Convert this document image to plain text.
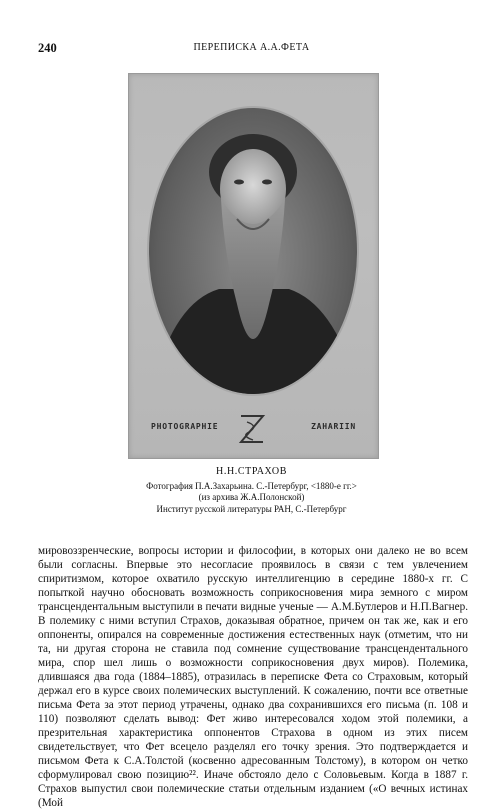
240	ПЕРЕПИСКА А.А.ФЕТА
PHOTOGRAPHIE	ZAHARIIN
Н.Н.СТРАХОВ
Фотография П.А.Захарьина. С.-Петербург, <1880-е гг.>
(из архива Ж.А.Полонской)
Институт русской литературы РАН, С.-Петербург

мировоззренческие, вопросы истории и философии, в которых они далеко не во всем были согласны. Впервые это несогласие проявилось в связи с тем увлечением спиритизмом, которое охватило русскую интеллигенцию в середине 1880-х гг. С попыткой научно обосновать возможность соприкосновения мира земного с миром трансцендентальным выступили в печати видные ученые — А.М.Бутлеров и Н.П.Вагнер. В полемику с ними вступил Страхов, доказывая обратное, причем он так же, как и его оппоненты, опирался на современные достижения естественных наук (отметим, что ни та, ни другая сторона не ставила под сомнение существование трансцендентального мира, спор шел лишь о возможности соприкосновения двух миров). Полемика, длившаяся два года (1884–1885), отразилась в переписке Фета со Страховым, который держал его в курсе своих полемических выступлений. К сожалению, почти все ответные письма Фета за этот период утрачены, однако два сохранившихся его письма (п. 108 и 110) позволяют сделать вывод: Фет живо интересовался ходом этой полемики, а презрительная характеристика оппонентов Страхова в одном из этих писем свидетельствует, что Фет всецело разделял его точку зрения. Это подтверждается и письмом Фета к С.А.Толстой (косвенно адресованным Толстому), в котором он четко сформулировал свою позицию²². Иначе обстояло дело с Соловьевым. Когда в 1887 г. Страхов выпустил свои полемические статьи отдельным изданием («О вечных истинах (Мой
